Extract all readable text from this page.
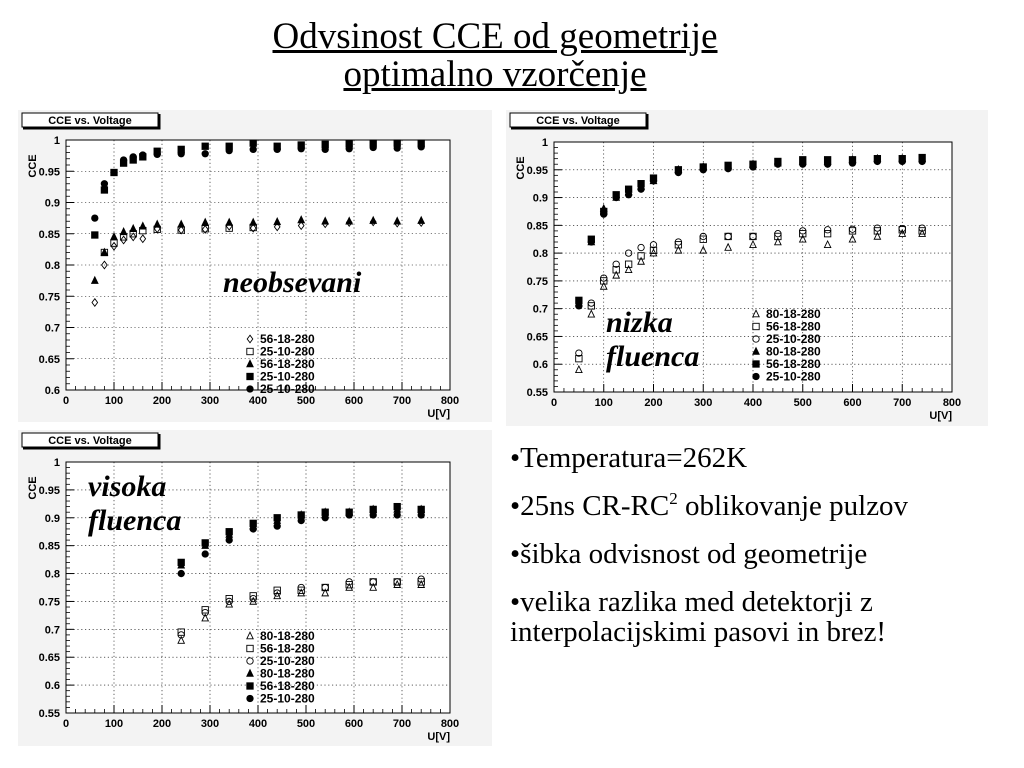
Odvsinost CCE od geometrije
optimalno vzorčenje
0.6
0.65
0.7
0.75
0.8
0.85
0.9
0.95
1
0	100	200	300	400	500	600	700	800
CCE vs. Voltage
CCE
U[V]
neobsevani
56-18-280
25-10-280
56-18-280
25-10-280
25-10-280	0.55
0.6
0.65
0.7
0.75
0.8
0.85
0.9
0.95
1
0	100	200	300	400	500	600	700	800
CCE vs. Voltage
CCE
U[V]
nizka
fluenca
80-18-280
56-18-280
25-10-280
80-18-280
56-18-280
25-10-280
0.55
0.6
0.65
0.7
0.75
0.8
0.85
0.9
0.95
1
0	100	200	300	400	500	600	700	800
CCE vs. Voltage
CCE
U[V]
visoka
fluenca
80-18-280
56-18-280
25-10-280
80-18-280
56-18-280
25-10-280
•Temperatura=262K
•25ns $CR-RC^2$ oblikovanje pulzov
•šibka odvisnost od geometrije
•velika razlika med detektorji z interpolacijskimi pasovi in brez!
